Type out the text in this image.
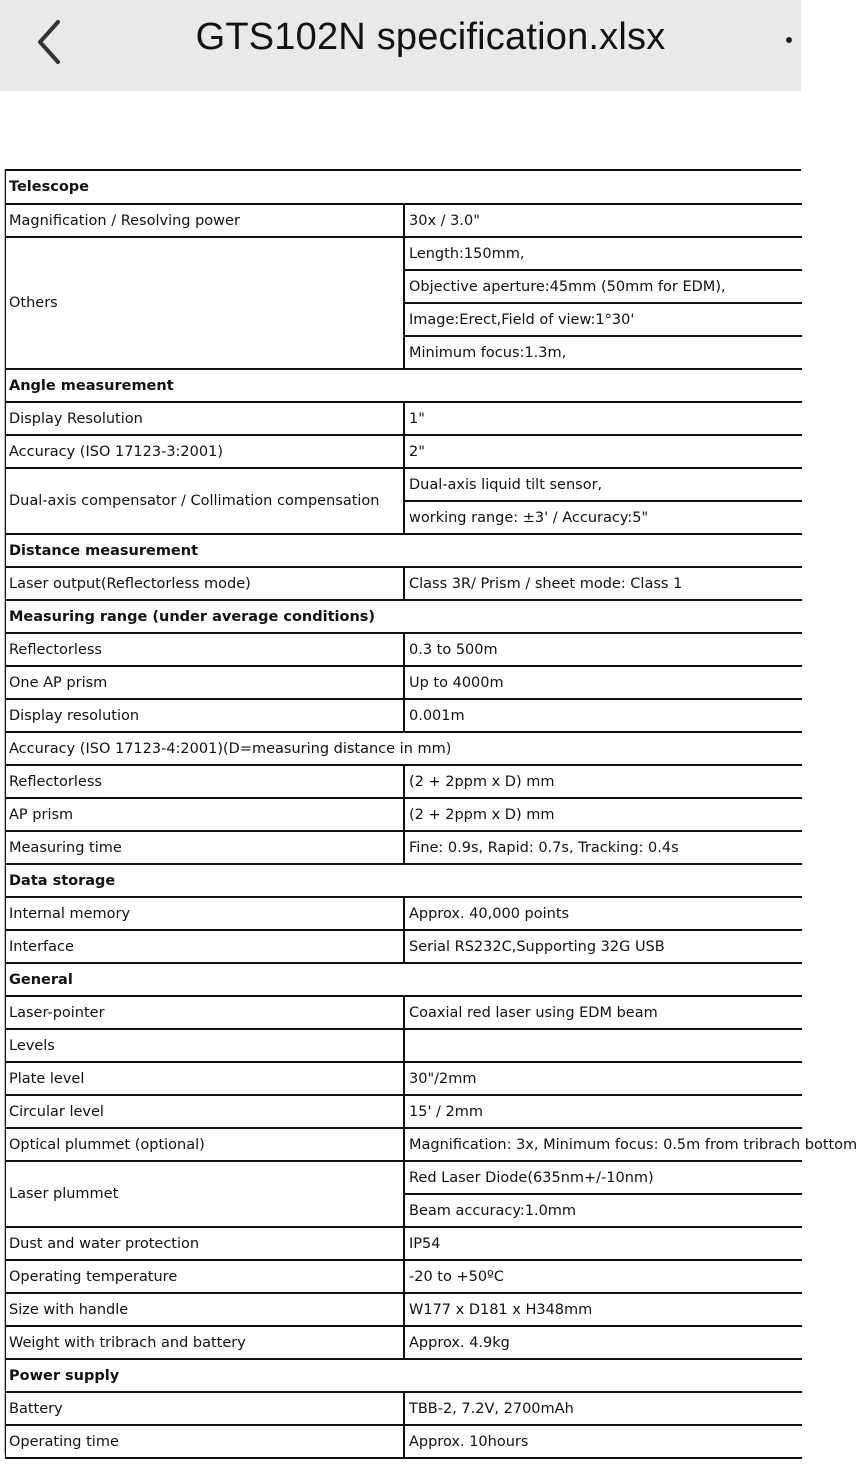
GTS102N specification.xlsx
Telescope	
Magnification / Resolving power	30x / 3.0"
Others	Length:150mm,
	Objective aperture:45mm (50mm for EDM),
	Image:Erect,Field of view:1°30'
	Minimum focus:1.3m,
Angle measurement	
Display Resolution	1"
Accuracy (ISO 17123-3:2001)	2"
Dual-axis compensator / Collimation compensation	Dual-axis liquid tilt sensor,
	working range: ±3' / Accuracy:5"
Distance measurement	
Laser output(Reflectorless mode)	Class 3R/ Prism / sheet mode: Class 1
Measuring range (under average conditions)	
Reflectorless	0.3 to 500m
One AP prism	Up to 4000m
Display resolution	0.001m
Accuracy (ISO 17123-4:2001)(D=measuring distance in mm)	
Reflectorless	(2 + 2ppm x D) mm
AP prism	(2 + 2ppm x D) mm
Measuring time	Fine: 0.9s, Rapid: 0.7s, Tracking: 0.4s
Data storage	
Internal memory	Approx. 40,000 points
Interface	Serial RS232C,Supporting 32G USB
General	
Laser-pointer	Coaxial red laser using EDM beam
Levels	
Plate level	30"/2mm
Circular level	15' / 2mm
Optical plummet (optional)	Magnification: 3x, Minimum focus: 0.5m from tribrach bottom
Laser plummet	Red Laser Diode(635nm+/-10nm)
	Beam accuracy:1.0mm
Dust and water protection	IP54
Operating temperature	-20 to +50ºC
Size with handle	W177 x D181 x H348mm
Weight with tribrach and battery	Approx. 4.9kg
Power supply	
Battery	TBB-2, 7.2V, 2700mAh
Operating time	Approx. 10hours
